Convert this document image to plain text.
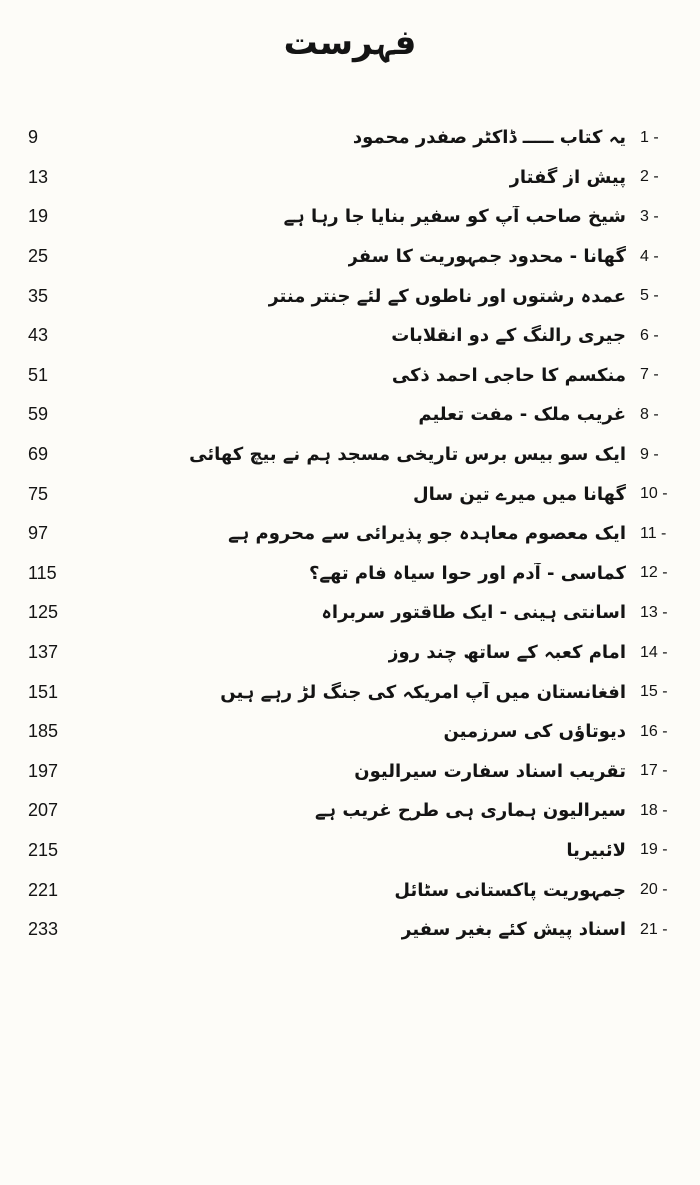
فہرست
9	یہ کتاب ـــــ ڈاکٹر صفدر محمود 1 -
13	پیش از گفتار 2 -
19	شیخ صاحب آپ کو سفیر بنایا جا رہا ہے 3 -
25	گھانا - محدود جمہوریت کا سفر 4 -
35	عمدہ رشتوں اور ناطوں کے لئے جنتر منتر 5 -
43	جیری رالنگ کے دو انقلابات 6 -
51	منکسم کا حاجی احمد ذکی 7 -
59	غریب ملک - مفت تعلیم 8 -
69	ایک سو بیس برس تاریخی مسجد ہم نے بیچ کھائی 9 -
75	گھانا میں میرے تین سال 10 -
97	ایک معصوم معاہدہ جو پذیرائی سے محروم ہے 11 -
115	کماسی - آدم اور حوا سیاہ فام تھے؟ 12 -
125	اسانتی ہینی - ایک طاقتور سربراہ 13 -
137	امام کعبہ کے ساتھ چند روز 14 -
151	افغانستان میں آپ امریکہ کی جنگ لڑ رہے ہیں 15 -
185	دیوتاؤں کی سرزمین 16 -
197	تقریب اسناد سفارت سیرالیون 17 -
207	سیرالیون ہماری ہی طرح غریب ہے 18 -
215	لائبیریا 19 -
221	جمہوریت پاکستانی سٹائل 20 -
233	اسناد پیش کئے بغیر سفیر 21 -
